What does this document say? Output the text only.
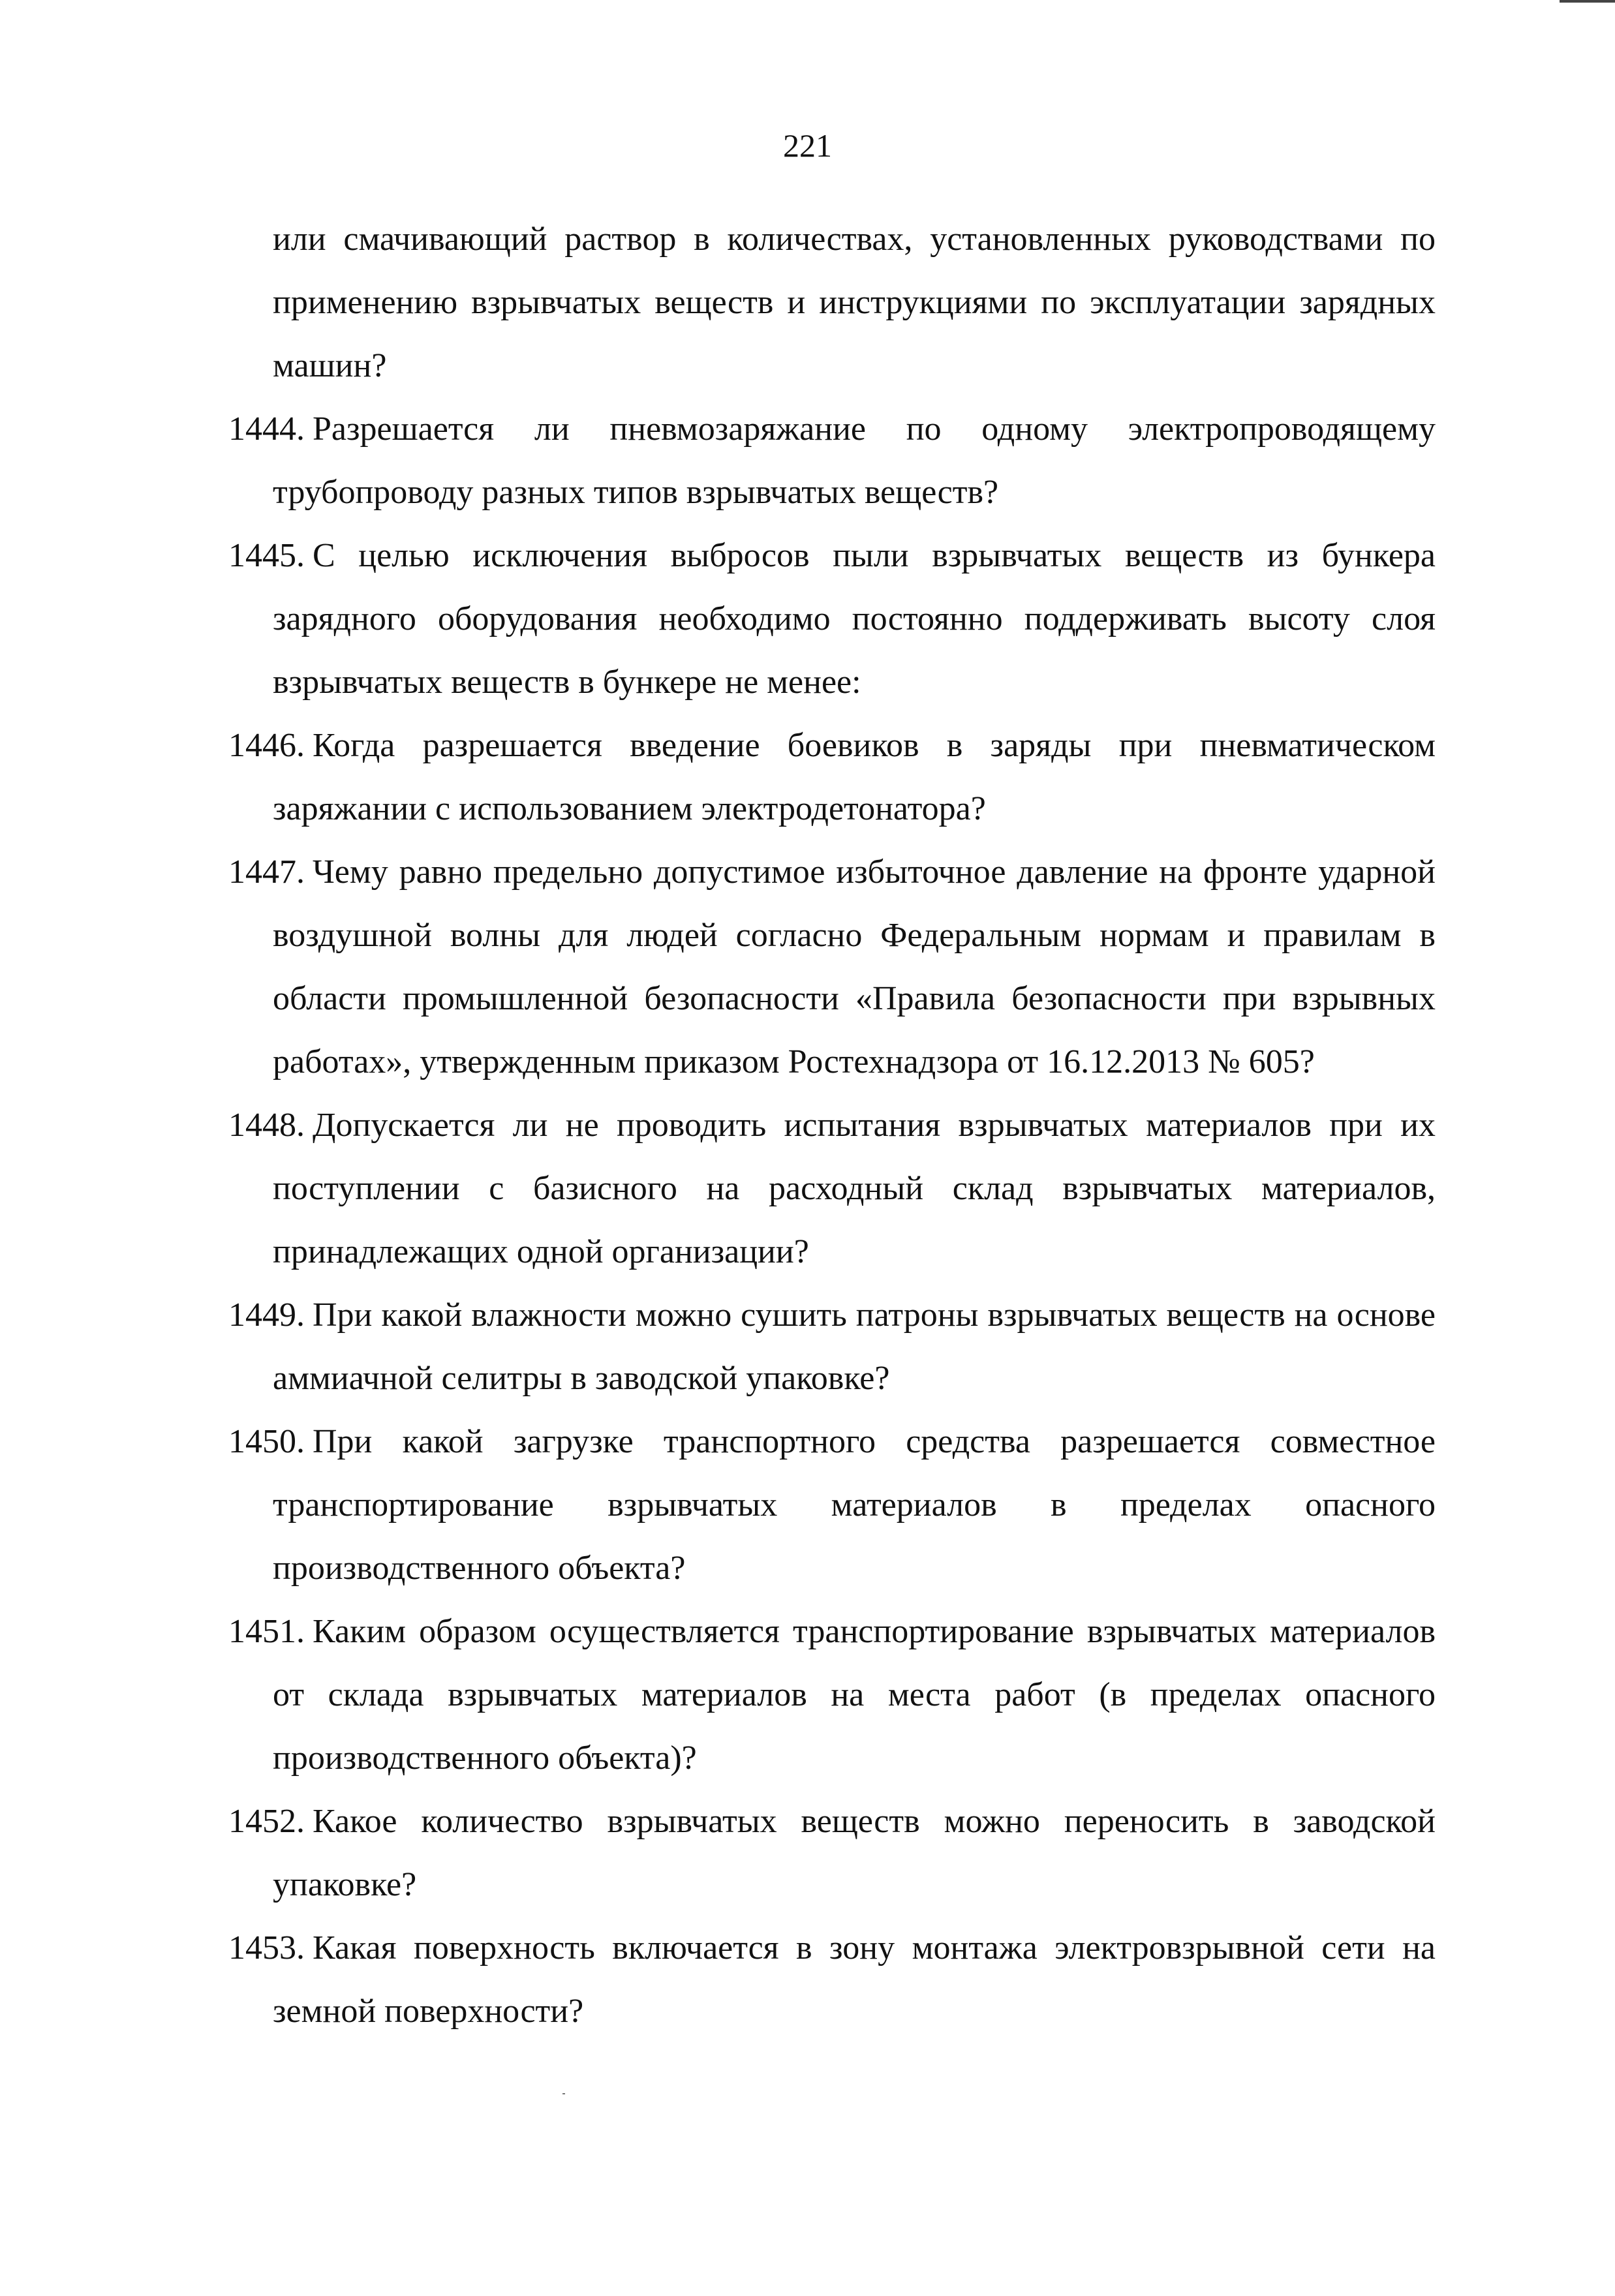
221
или смачивающий раствор в количествах, установленных руководствами по применению взрывчатых веществ и инструкциями по эксплуатации зарядных машин?
1444. Разрешается ли пневмозаряжание по одному электропроводящему трубопроводу разных типов взрывчатых веществ?
1445. С целью исключения выбросов пыли взрывчатых веществ из бункера зарядного оборудования необходимо постоянно поддерживать высоту слоя взрывчатых веществ в бункере не менее:
1446. Когда разрешается введение боевиков в заряды при пневматическом заряжании с использованием электродетонатора?
1447. Чему равно предельно допустимое избыточное давление на фронте ударной воздушной волны для людей согласно Федеральным нормам и правилам в области промышленной безопасности «Правила безопасности при взрывных работах», утвержденным приказом Ростехнадзора от 16.12.2013 № 605?
1448. Допускается ли не проводить испытания взрывчатых материалов при их поступлении с базисного на расходный склад взрывчатых материалов, принадлежащих одной организации?
1449. При какой влажности можно сушить патроны взрывчатых веществ на основе аммиачной селитры в заводской упаковке?
1450. При какой загрузке транспортного средства разрешается совместное транспортирование взрывчатых материалов в пределах опасного производственного объекта?
1451. Каким образом осуществляется транспортирование взрывчатых материалов от склада взрывчатых материалов на места работ (в пределах опасного производственного объекта)?
1452. Какое количество взрывчатых веществ можно переносить в заводской упаковке?
1453. Какая поверхность включается в зону монтажа электровзрывной сети на земной поверхности?
